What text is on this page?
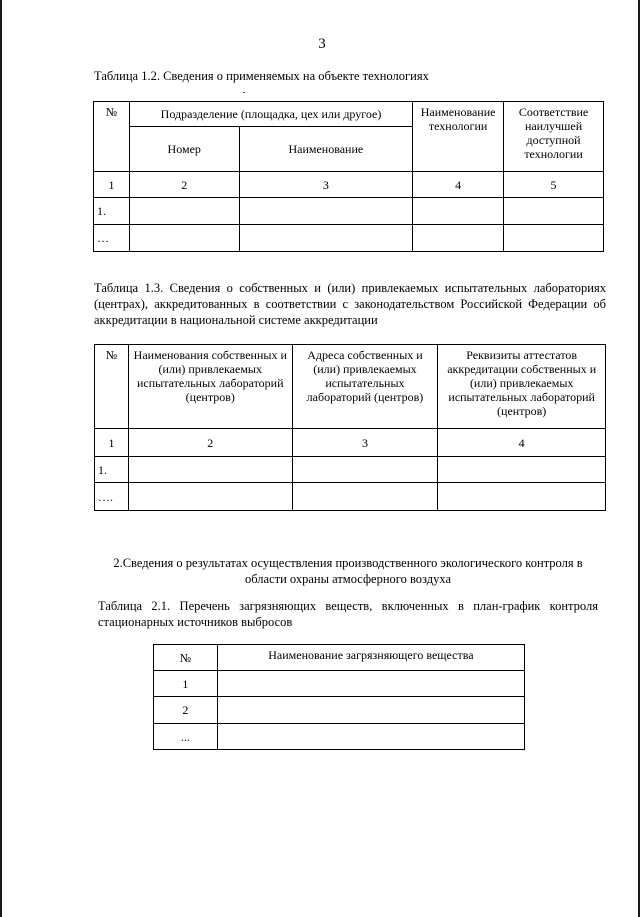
3
Таблица 1.2. Сведения о применяемых на объекте технологиях
№	Подразделение (площадка, цех или другое)		Наименование технологии	Соответствие наилучшей доступной технологии
	Номер	Наименование		
1	2	3	4	5
1.				
…				
Таблица 1.3. Сведения о собственных и (или) привлекаемых испытательных лабораториях (центрах), аккредитованных в соответствии с законодательством Российской Федерации об аккредитации в национальной системе аккредитации
№	Наименования собственных и (или) привлекаемых испытательных лабораторий (центров)	Адреса собственных и (или) привлекаемых испытательных лабораторий (центров)	Реквизиты аттестатов аккредитации собственных и (или) привлекаемых испытательных лабораторий (центров)
1	2	3	4
1.			
….			
2.Сведения о результатах осуществления производственного экологического контроля в области охраны атмосферного воздуха
Таблица 2.1. Перечень загрязняющих веществ, включенных в план-график контроля стационарных источников выбросов
№	Наименование загрязняющего вещества
1	
2	
...	
